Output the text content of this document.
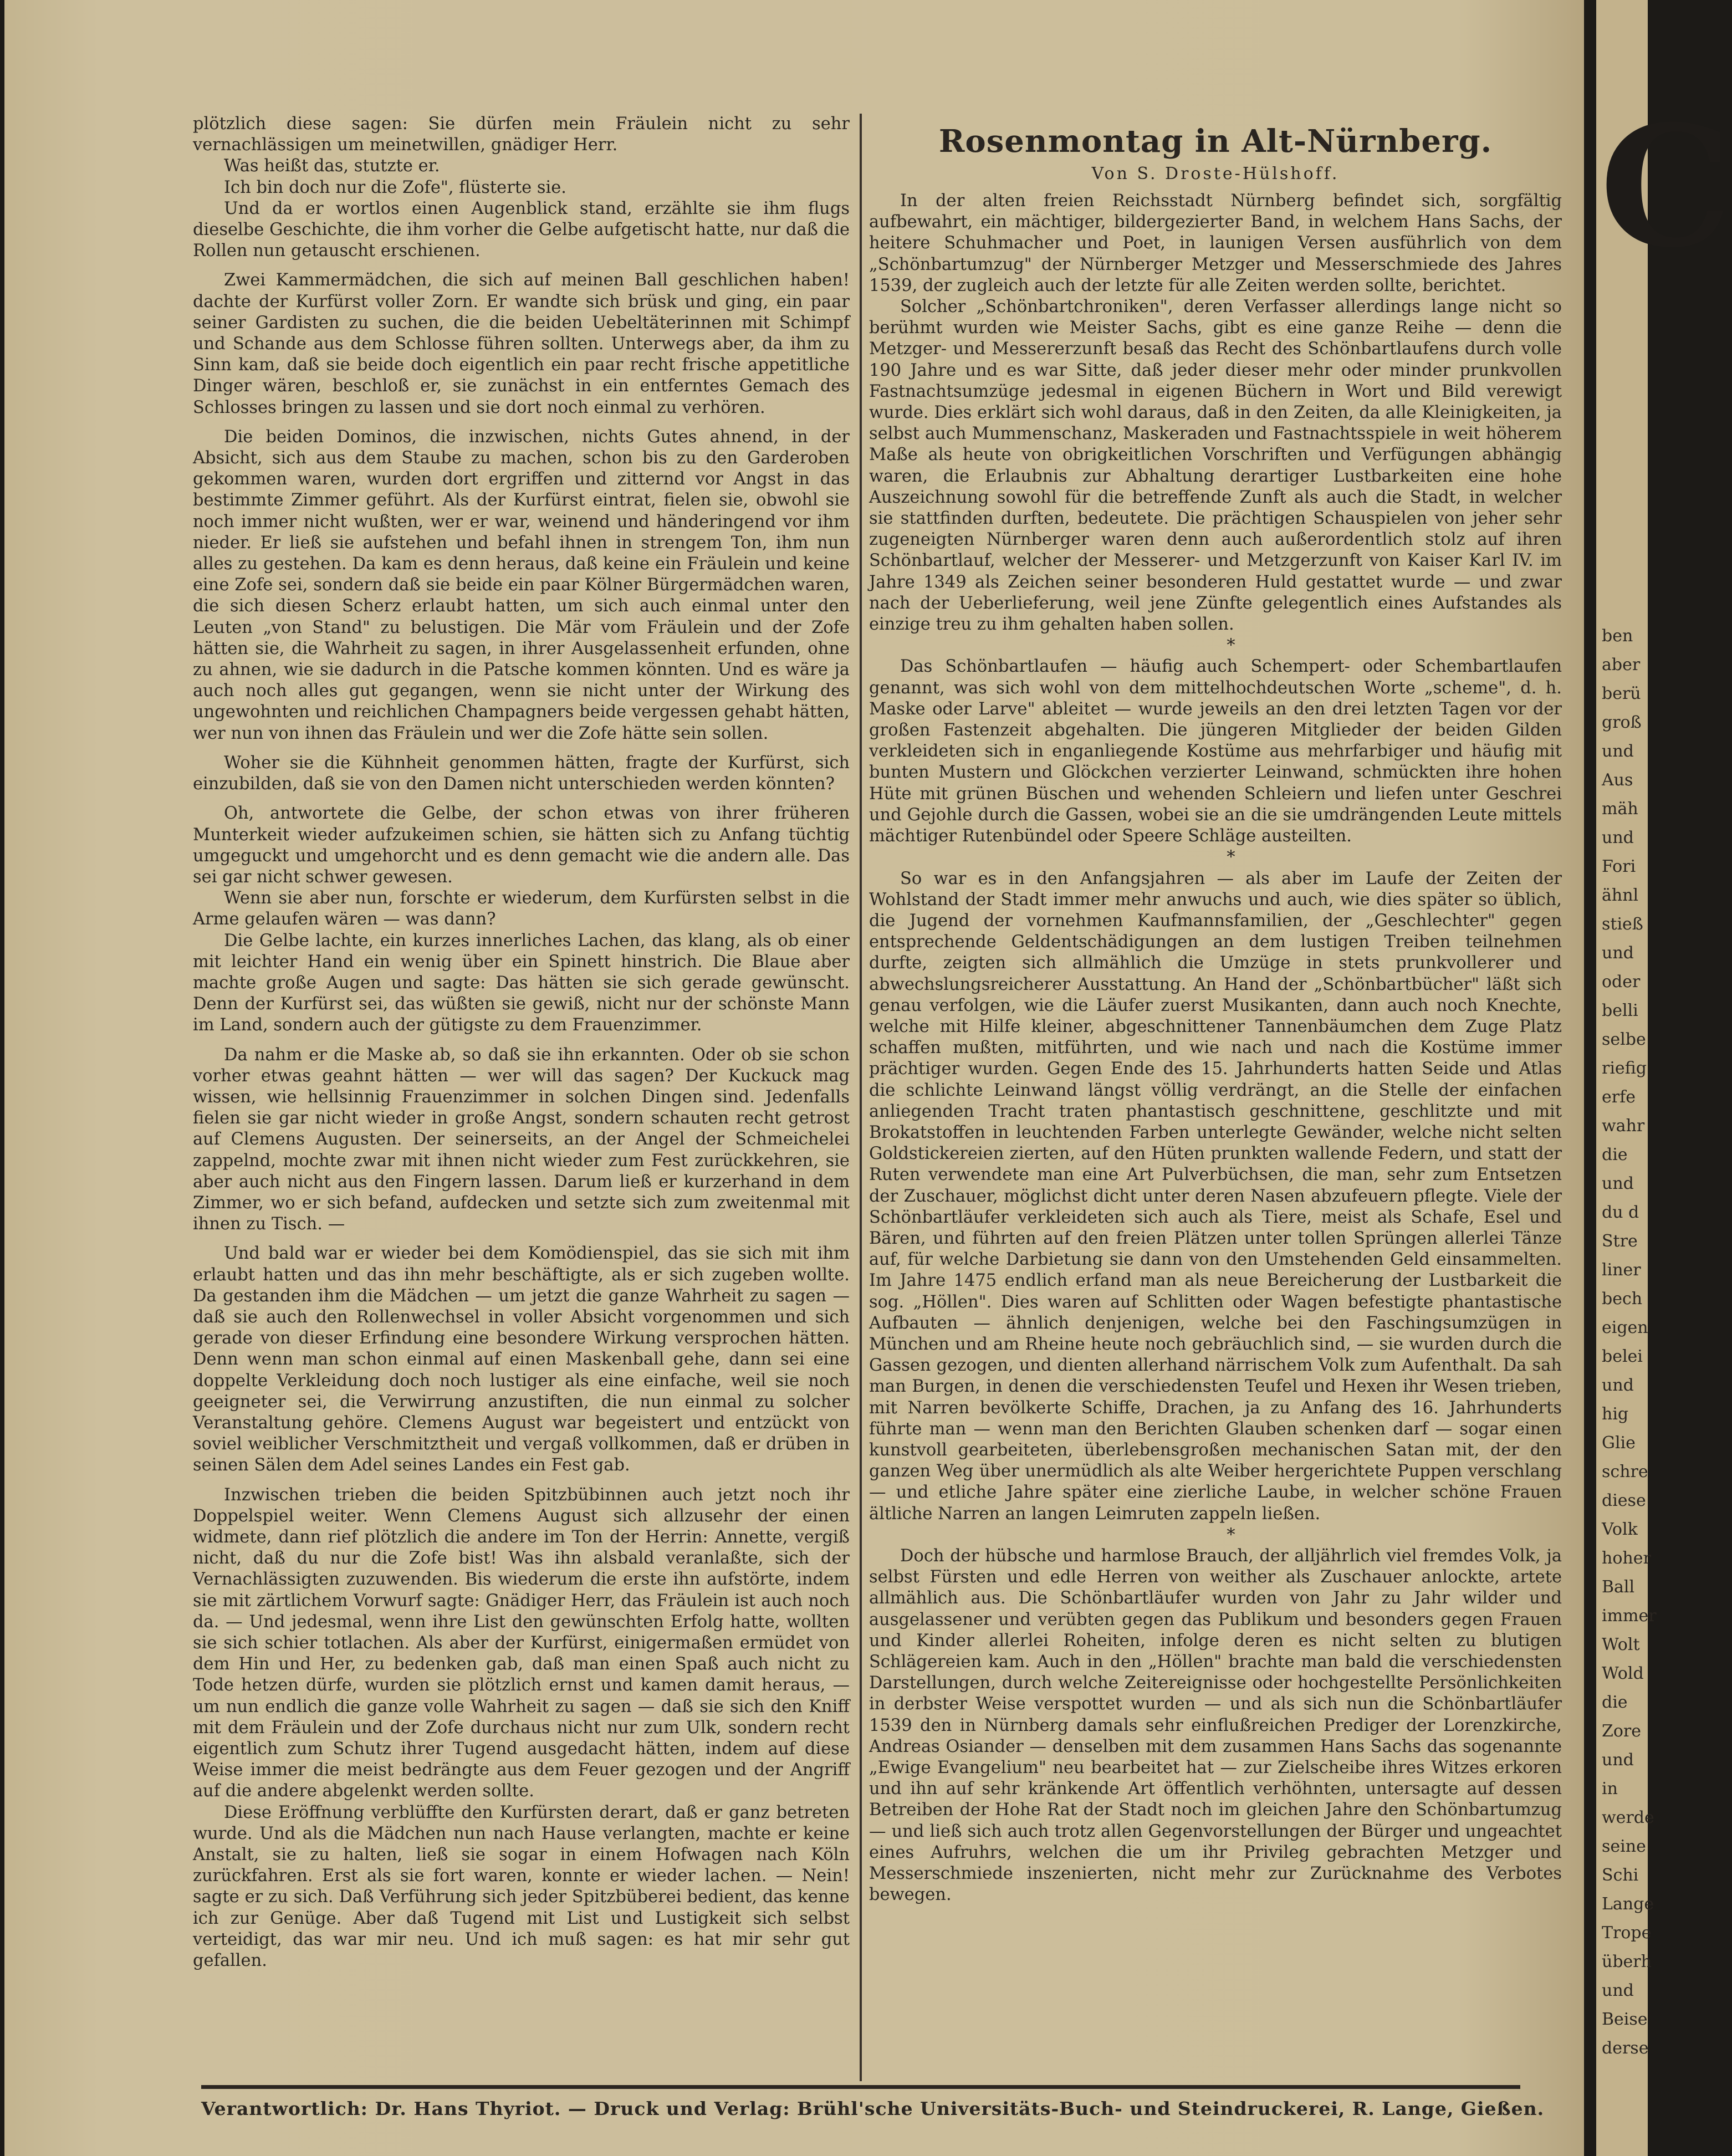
plötzlich diese sagen: Sie dürfen mein Fräulein nicht zu sehr vernachlässigen um meinetwillen, gnädiger Herr.

Was heißt das, stutzte er.

Ich bin doch nur die Zofe", flüsterte sie.

Und da er wortlos einen Augenblick stand, erzählte sie ihm flugs dieselbe Geschichte, die ihm vorher die Gelbe aufgetischt hatte, nur daß die Rollen nun getauscht erschienen.

Zwei Kammermädchen, die sich auf meinen Ball geschlichen haben! dachte der Kurfürst voller Zorn. Er wandte sich brüsk und ging, ein paar seiner Gardisten zu suchen, die die beiden Uebeltäterinnen mit Schimpf und Schande aus dem Schlosse führen sollten. Unterwegs aber, da ihm zu Sinn kam, daß sie beide doch eigentlich ein paar recht frische appetitliche Dinger wären, beschloß er, sie zunächst in ein entferntes Gemach des Schlosses bringen zu lassen und sie dort noch einmal zu verhören.

Die beiden Dominos, die inzwischen, nichts Gutes ahnend, in der Absicht, sich aus dem Staube zu machen, schon bis zu den Garderoben gekommen waren, wurden dort ergriffen und zitternd vor Angst in das bestimmte Zimmer geführt. Als der Kurfürst eintrat, fielen sie, obwohl sie noch immer nicht wußten, wer er war, weinend und händeringend vor ihm nieder. Er ließ sie aufstehen und befahl ihnen in strengem Ton, ihm nun alles zu gestehen. Da kam es denn heraus, daß keine ein Fräulein und keine eine Zofe sei, sondern daß sie beide ein paar Kölner Bürgermädchen waren, die sich diesen Scherz erlaubt hatten, um sich auch einmal unter den Leuten „von Stand" zu belustigen. Die Mär vom Fräulein und der Zofe hätten sie, die Wahrheit zu sagen, in ihrer Ausgelassenheit erfunden, ohne zu ahnen, wie sie dadurch in die Patsche kommen könnten. Und es wäre ja auch noch alles gut gegangen, wenn sie nicht unter der Wirkung des ungewohnten und reichlichen Champagners beide vergessen gehabt hätten, wer nun von ihnen das Fräulein und wer die Zofe hätte sein sollen.

Woher sie die Kühnheit genommen hätten, fragte der Kurfürst, sich einzubilden, daß sie von den Damen nicht unterschieden werden könnten?

Oh, antwortete die Gelbe, der schon etwas von ihrer früheren Munterkeit wieder aufzukeimen schien, sie hätten sich zu Anfang tüchtig umgeguckt und umgehorcht und es denn gemacht wie die andern alle. Das sei gar nicht schwer gewesen.

Wenn sie aber nun, forschte er wiederum, dem Kurfürsten selbst in die Arme gelaufen wären — was dann?

Die Gelbe lachte, ein kurzes innerliches Lachen, das klang, als ob einer mit leichter Hand ein wenig über ein Spinett hinstrich. Die Blaue aber machte große Augen und sagte: Das hätten sie sich gerade gewünscht. Denn der Kurfürst sei, das wüßten sie gewiß, nicht nur der schönste Mann im Land, sondern auch der gütigste zu dem Frauenzimmer.

Da nahm er die Maske ab, so daß sie ihn erkannten. Oder ob sie schon vorher etwas geahnt hätten — wer will das sagen? Der Kuckuck mag wissen, wie hellsinnig Frauenzimmer in solchen Dingen sind. Jedenfalls fielen sie gar nicht wieder in große Angst, sondern schauten recht getrost auf Clemens Augusten. Der seinerseits, an der Angel der Schmeichelei zappelnd, mochte zwar mit ihnen nicht wieder zum Fest zurückkehren, sie aber auch nicht aus den Fingern lassen. Darum ließ er kurzerhand in dem Zimmer, wo er sich befand, aufdecken und setzte sich zum zweitenmal mit ihnen zu Tisch. —

Und bald war er wieder bei dem Komödienspiel, das sie sich mit ihm erlaubt hatten und das ihn mehr beschäftigte, als er sich zugeben wollte. Da gestanden ihm die Mädchen — um jetzt die ganze Wahrheit zu sagen — daß sie auch den Rollenwechsel in voller Absicht vorgenommen und sich gerade von dieser Erfindung eine besondere Wirkung versprochen hätten. Denn wenn man schon einmal auf einen Maskenball gehe, dann sei eine doppelte Verkleidung doch noch lustiger als eine einfache, weil sie noch geeigneter sei, die Verwirrung anzustiften, die nun einmal zu solcher Veranstaltung gehöre. Clemens August war begeistert und entzückt von soviel weiblicher Verschmitztheit und vergaß vollkommen, daß er drüben in seinen Sälen dem Adel seines Landes ein Fest gab.

Inzwischen trieben die beiden Spitzbübinnen auch jetzt noch ihr Doppelspiel weiter. Wenn Clemens August sich allzusehr der einen widmete, dann rief plötzlich die andere im Ton der Herrin: Annette, vergiß nicht, daß du nur die Zofe bist! Was ihn alsbald veranlaßte, sich der Vernachlässigten zuzuwenden. Bis wiederum die erste ihn aufstörte, indem sie mit zärtlichem Vorwurf sagte: Gnädiger Herr, das Fräulein ist auch noch da. — Und jedesmal, wenn ihre List den gewünschten Erfolg hatte, wollten sie sich schier totlachen. Als aber der Kurfürst, einigermaßen ermüdet von dem Hin und Her, zu bedenken gab, daß man einen Spaß auch nicht zu Tode hetzen dürfe, wurden sie plötzlich ernst und kamen damit heraus, — um nun endlich die ganze volle Wahrheit zu sagen — daß sie sich den Kniff mit dem Fräulein und der Zofe durchaus nicht nur zum Ulk, sondern recht eigentlich zum Schutz ihrer Tugend ausgedacht hätten, indem auf diese Weise immer die meist bedrängte aus dem Feuer gezogen und der Angriff auf die andere abgelenkt werden sollte.

Diese Eröffnung verblüffte den Kurfürsten derart, daß er ganz betreten wurde. Und als die Mädchen nun nach Hause verlangten, machte er keine Anstalt, sie zu halten, ließ sie sogar in einem Hofwagen nach Köln zurückfahren. Erst als sie fort waren, konnte er wieder lachen. — Nein! sagte er zu sich. Daß Verführung sich jeder Spitzbüberei bedient, das kenne ich zur Genüge. Aber daß Tugend mit List und Lustigkeit sich selbst verteidigt, das war mir neu. Und ich muß sagen: es hat mir sehr gut gefallen.

Rosenmontag in Alt-Nürnberg.
Von S. Droste-Hülshoff.

In der alten freien Reichsstadt Nürnberg befindet sich, sorgfältig aufbewahrt, ein mächtiger, bildergezierter Band, in welchem Hans Sachs, der heitere Schuhmacher und Poet, in launigen Versen ausführlich von dem „Schönbartumzug" der Nürnberger Metzger und Messerschmiede des Jahres 1539, der zugleich auch der letzte für alle Zeiten werden sollte, berichtet.

Solcher „Schönbartchroniken", deren Verfasser allerdings lange nicht so berühmt wurden wie Meister Sachs, gibt es eine ganze Reihe — denn die Metzger- und Messererzunft besaß das Recht des Schönbartlaufens durch volle 190 Jahre und es war Sitte, daß jeder dieser mehr oder minder prunkvollen Fastnachtsumzüge jedesmal in eigenen Büchern in Wort und Bild verewigt wurde. Dies erklärt sich wohl daraus, daß in den Zeiten, da alle Kleinigkeiten, ja selbst auch Mummenschanz, Maskeraden und Fastnachtsspiele in weit höherem Maße als heute von obrigkeitlichen Vorschriften und Verfügungen abhängig waren, die Erlaubnis zur Abhaltung derartiger Lustbarkeiten eine hohe Auszeichnung sowohl für die betreffende Zunft als auch die Stadt, in welcher sie stattfinden durften, bedeutete. Die prächtigen Schauspielen von jeher sehr zugeneigten Nürnberger waren denn auch außerordentlich stolz auf ihren Schönbartlauf, welcher der Messerer- und Metzgerzunft von Kaiser Karl IV. im Jahre 1349 als Zeichen seiner besonderen Huld gestattet wurde — und zwar nach der Ueberlieferung, weil jene Zünfte gelegentlich eines Aufstandes als einzige treu zu ihm gehalten haben sollen.

*

Das Schönbartlaufen — häufig auch Schempert- oder Schembartlaufen genannt, was sich wohl von dem mittelhochdeutschen Worte „scheme", d. h. Maske oder Larve" ableitet — wurde jeweils an den drei letzten Tagen vor der großen Fastenzeit abgehalten. Die jüngeren Mitglieder der beiden Gilden verkleideten sich in enganliegende Kostüme aus mehrfarbiger und häufig mit bunten Mustern und Glöckchen verzierter Leinwand, schmückten ihre hohen Hüte mit grünen Büschen und wehenden Schleiern und liefen unter Geschrei und Gejohle durch die Gassen, wobei sie an die sie umdrängenden Leute mittels mächtiger Rutenbündel oder Speere Schläge austeilten.

*

So war es in den Anfangsjahren — als aber im Laufe der Zeiten der Wohlstand der Stadt immer mehr anwuchs und auch, wie dies später so üblich, die Jugend der vornehmen Kaufmannsfamilien, der „Geschlechter" gegen entsprechende Geldentschädigungen an dem lustigen Treiben teilnehmen durfte, zeigten sich allmählich die Umzüge in stets prunkvollerer und abwechslungsreicherer Ausstattung. An Hand der „Schönbartbücher" läßt sich genau verfolgen, wie die Läufer zuerst Musikanten, dann auch noch Knechte, welche mit Hilfe kleiner, abgeschnittener Tannenbäumchen dem Zuge Platz schaffen mußten, mitführten, und wie nach und nach die Kostüme immer prächtiger wurden. Gegen Ende des 15. Jahrhunderts hatten Seide und Atlas die schlichte Leinwand längst völlig verdrängt, an die Stelle der einfachen anliegenden Tracht traten phantastisch geschnittene, geschlitzte und mit Brokatstoffen in leuchtenden Farben unterlegte Gewänder, welche nicht selten Goldstickereien zierten, auf den Hüten prunkten wallende Federn, und statt der Ruten verwendete man eine Art Pulverbüchsen, die man, sehr zum Entsetzen der Zuschauer, möglichst dicht unter deren Nasen abzufeuern pflegte. Viele der Schönbartläufer verkleideten sich auch als Tiere, meist als Schafe, Esel und Bären, und führten auf den freien Plätzen unter tollen Sprüngen allerlei Tänze auf, für welche Darbietung sie dann von den Umstehenden Geld einsammelten. Im Jahre 1475 endlich erfand man als neue Bereicherung der Lustbarkeit die sog. „Höllen". Dies waren auf Schlitten oder Wagen befestigte phantastische Aufbauten — ähnlich denjenigen, welche bei den Faschingsumzügen in München und am Rheine heute noch gebräuchlich sind, — sie wurden durch die Gassen gezogen, und dienten allerhand närrischem Volk zum Aufenthalt. Da sah man Burgen, in denen die verschiedensten Teufel und Hexen ihr Wesen trieben, mit Narren bevölkerte Schiffe, Drachen, ja zu Anfang des 16. Jahrhunderts führte man — wenn man den Berichten Glauben schenken darf — sogar einen kunstvoll gearbeiteten, überlebensgroßen mechanischen Satan mit, der den ganzen Weg über unermüdlich als alte Weiber hergerichtete Puppen verschlang — und etliche Jahre später eine zierliche Laube, in welcher schöne Frauen ältliche Narren an langen Leimruten zappeln ließen.

*

Doch der hübsche und harmlose Brauch, der alljährlich viel fremdes Volk, ja selbst Fürsten und edle Herren von weither als Zuschauer anlockte, artete allmählich aus. Die Schönbartläufer wurden von Jahr zu Jahr wilder und ausgelassener und verübten gegen das Publikum und besonders gegen Frauen und Kinder allerlei Roheiten, infolge deren es nicht selten zu blutigen Schlägereien kam. Auch in den „Höllen" brachte man bald die verschiedensten Darstellungen, durch welche Zeitereignisse oder hochgestellte Persönlichkeiten in derbster Weise verspottet wurden — und als sich nun die Schönbartläufer 1539 den in Nürnberg damals sehr einflußreichen Prediger der Lorenzkirche, Andreas Osiander — denselben mit dem zusammen Hans Sachs das sogenannte „Ewige Evangelium" neu bearbeitet hat — zur Zielscheibe ihres Witzes erkoren und ihn auf sehr kränkende Art öffentlich verhöhnten, untersagte auf dessen Betreiben der Hohe Rat der Stadt noch im gleichen Jahre den Schönbartumzug — und ließ sich auch trotz allen Gegenvorstellungen der Bürger und ungeachtet eines Aufruhrs, welchen die um ihr Privileg gebrachten Metzger und Messerschmiede inszenierten, nicht mehr zur Zurücknahme des Verbotes bewegen.

Verantwortlich: Dr. Hans Thyriot. — Druck und Verlag: Brühl'sche Universitäts-Buch- und Steindruckerei, R. Lange, Gießen.
C
ben
aber
berü
groß
und
Aus
mäh
und
Fori
ähnl
stieß
und
oder
belli
selbe
riefig
erfe
wahr
die
und
du d
Stre
liner
bech
eigen
belei
und
hig
Glie
schre
diese
Volk
hoher
Ball
immer
Wolt
Wold
die
Zore
und
in
werde
seine
Schi
Lange
Trope
überh
und
Beise
derse
